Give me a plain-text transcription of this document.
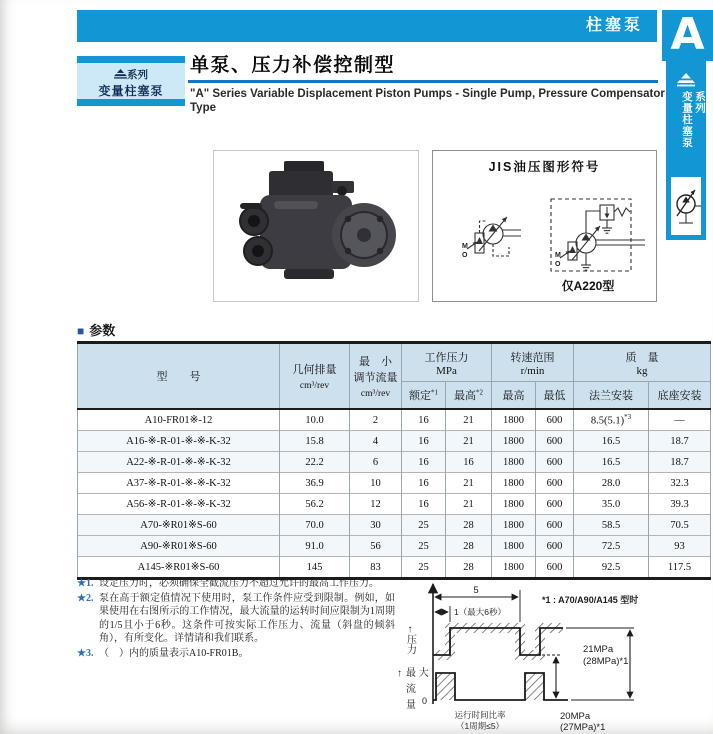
柱塞泵 A
系列
变量柱塞泵
系列
变量柱塞泵
单泵、压力补偿控制型
"A" Series Variable Displacement Piston Pumps - Single Pump, Pressure Compensator Type
JIS油压图形符号
M
O	M
O
仅A220型
■ 参数
型　　号

几何排量
cm³/rev

最　小
调节流量
cm³/rev

工作压力
MPa

转速范围
r/min

质　量
kg

			额定$^{*1}$	最高$^{*2}$	最高	最低	法兰安装	底座安装
A10-FR01※-12	10.0	2	16	21	1800	600	$8.5(5.1)^{*3}$	—
A16-※-R-01-※-※-K-32	15.8	4	16	21	1800	600	16.5	18.7
A22-※-R-01-※-※-K-32	22.2	6	16	16	1800	600	16.5	18.7
A37-※-R-01-※-※-K-32	36.9	10	16	21	1800	600	28.0	32.3
A56-※-R-01-※-※-K-32	56.2	12	16	21	1800	600	35.0	39.3
A70-※R01※S-60	70.0	30	25	28	1800	600	58.5	70.5
A90-※R01※S-60	91.0	56	25	28	1800	600	72.5	93
A145-※R01※S-60	145	83	25	28	1800	600	92.5	117.5
★1. 设定压力时，必须确保全截流压力不超过允许的最高工作压力。
★2. 泵在高于额定值情况下使用时，泵工作条件应受到限制。例如，如果使用在右图所示的工作情况，最大流量的运转时间应限制为1周期的1/5且小于6秒。这条件可按实际工作压力、流量（斜盘的倾斜角），有所变化。详情请和我们联系。
★3. （　）内的质量表示A10-FR01B。
5
1（最大6秒）
*1 : A70/A90/A145 型时
21MPa
(28MPa)*1
20MPa
(27MPa)*1
↑
压力
↑ 最 大
流
量 0
运行时间比率
（1周期≤5）
